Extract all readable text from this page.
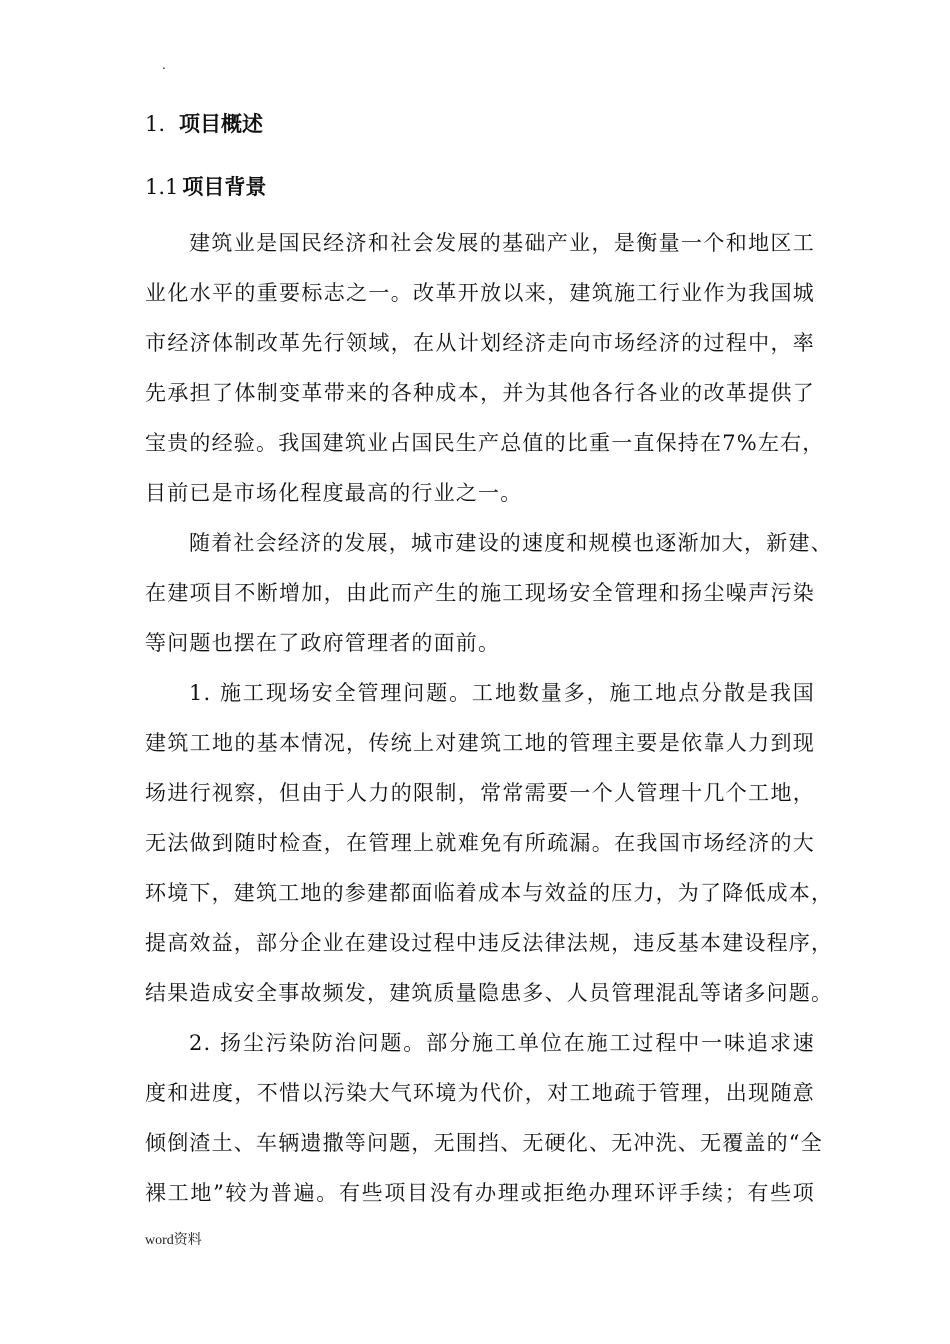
.
1. 项目概述
1.1 项目背景
建筑业是国民经济和社会发展的基础产业，是衡量一个和地区工
业化水平的重要标志之一。改革开放以来，建筑施工行业作为我国城
市经济体制改革先行领域，在从计划经济走向市场经济的过程中，率
先承担了体制变革带来的各种成本，并为其他各行各业的改革提供了
宝贵的经验。我国建筑业占国民生产总值的比重一直保持在7%左右，
目前已是市场化程度最高的行业之一。
随着社会经济的发展，城市建设的速度和规模也逐渐加大，新建、
在建项目不断增加，由此而产生的施工现场安全管理和扬尘噪声污染
等问题也摆在了政府管理者的面前。
1. 施工现场安全管理问题。工地数量多，施工地点分散是我国
建筑工地的基本情况，传统上对建筑工地的管理主要是依靠人力到现
场进行视察，但由于人力的限制，常常需要一个人管理十几个工地，
无法做到随时检查，在管理上就难免有所疏漏。在我国市场经济的大
环境下，建筑工地的参建都面临着成本与效益的压力，为了降低成本，
提高效益，部分企业在建设过程中违反法律法规，违反基本建设程序，
结果造成安全事故频发，建筑质量隐患多、人员管理混乱等诸多问题。
2. 扬尘污染防治问题。部分施工单位在施工过程中一味追求速
度和进度，不惜以污染大气环境为代价，对工地疏于管理，出现随意
倾倒渣土、车辆遗撒等问题，无围挡、无硬化、无冲洗、无覆盖的“全
裸工地”较为普遍。有些项目没有办理或拒绝办理环评手续；有些项
word资料
